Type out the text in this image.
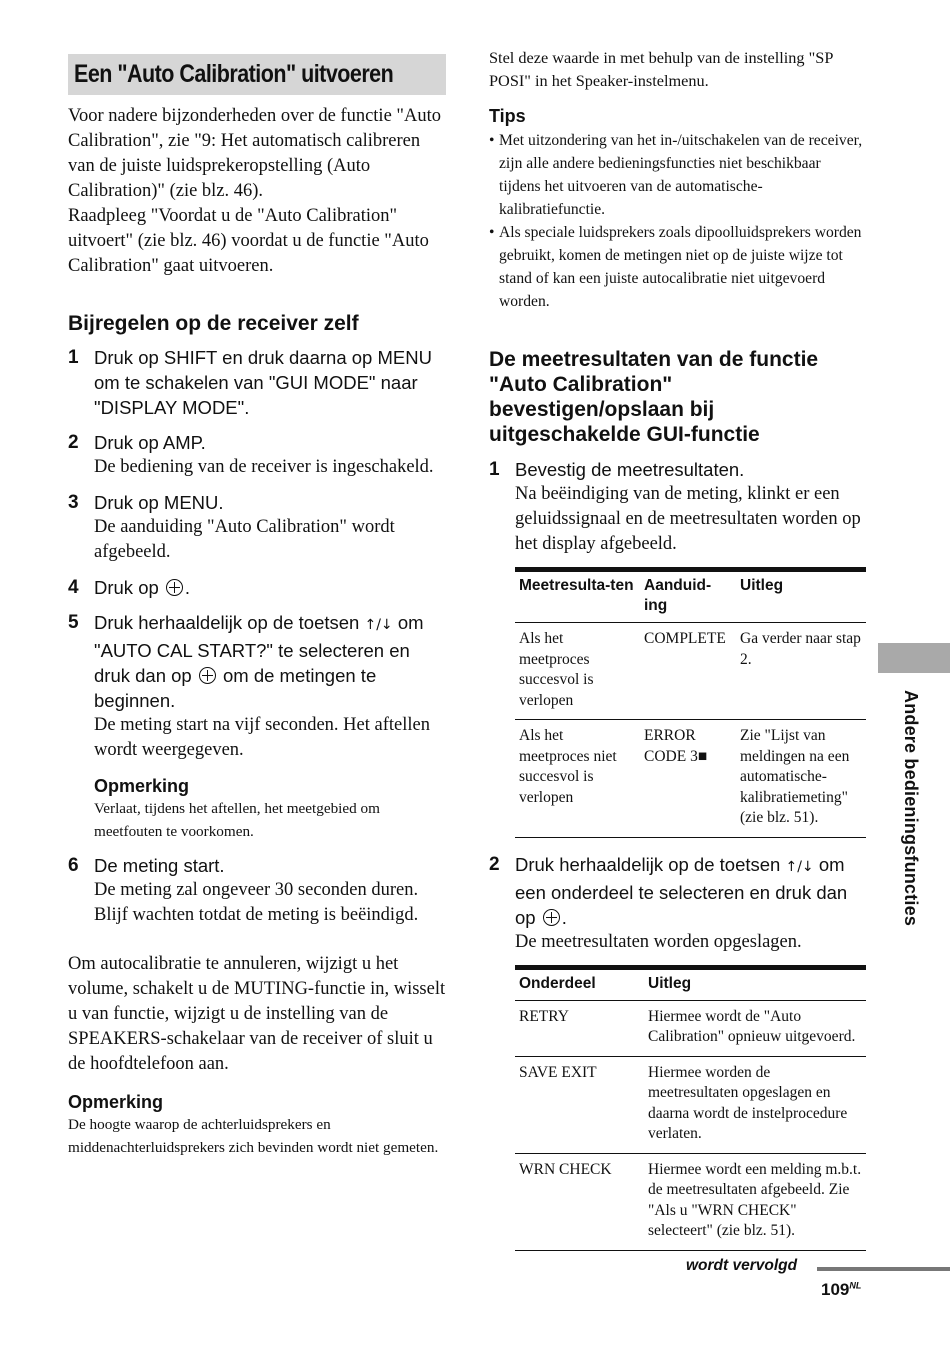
Een "Auto Calibration" uitvoeren

Voor nadere bijzonderheden over de functie "Auto Calibration", zie "9: Het automatisch calibreren van de juiste luidsprekeropstelling (Auto Calibration)" (zie blz. 46).

Raadpleeg "Voordat u de "Auto Calibration" uitvoert" (zie blz. 46) voordat u de functie "Auto Calibration" gaat uitvoeren.

Bijregelen op de receiver zelf
1 Druk op SHIFT en druk daarna op MENU om te schakelen van "GUI MODE" naar "DISPLAY MODE".
2 Druk op AMP.
De bediening van de receiver is ingeschakeld.
3 Druk op MENU.
De aanduiding "Auto Calibration" wordt afgebeeld.
4 Druk op .
5 Druk herhaaldelijk op de toetsen ↑/↓ om "AUTO CAL START?" te selecteren en druk dan op om de metingen te beginnen.
De meting start na vijf seconden. Het aftellen wordt weergegeven.
Opmerking
Verlaat, tijdens het aftellen, het meetgebied om meetfouten te voorkomen.
6 De meting start.
De meting zal ongeveer 30 seconden duren. Blijf wachten totdat de meting is beëindigd.

Om autocalibratie te annuleren, wijzigt u het volume, schakelt u de MUTING-functie in, wisselt u van functie, wijzigt u de instelling van de SPEAKERS-schakelaar van de receiver of sluit u de hoofdtelefoon aan.

Opmerking
De hoogte waarop de achterluidsprekers en middenachterluidsprekers zich bevinden wordt niet gemeten.

Stel deze waarde in met behulp van de instelling "SP POSI" in het Speaker-instelmenu.

Tips
• Met uitzondering van het in-/uitschakelen van de receiver, zijn alle andere bedieningsfuncties niet beschikbaar tijdens het uitvoeren van de automatische-kalibratiefunctie.
• Als speciale luidsprekers zoals dipoolluidsprekers worden gebruikt, komen de metingen niet op de juiste wijze tot stand of kan een juiste autocalibratie niet uitgevoerd worden.
De meetresultaten van de functie "Auto Calibration" bevestigen/opslaan bij uitgeschakelde GUI-functie
1 Bevestig de meetresultaten.
Na beëindiging van de meting, klinkt er een geluidssignaal en de meetresultaten worden op het display afgebeeld.
Meetresulta-ten	Aanduid-ing	Uitleg
Als het meetproces succesvol is verlopen	COMPLETE	Ga verder naar stap 2.
Als het meetproces niet succesvol is verlopen	ERROR CODE 3■	Zie "Lijst van meldingen na een automatische-kalibratiemeting" (zie blz. 51).
2 Druk herhaaldelijk op de toetsen ↑/↓ om een onderdeel te selecteren en druk dan op .
De meetresultaten worden opgeslagen.
Onderdeel	Uitleg
RETRY	Hiermee wordt de "Auto Calibration" opnieuw uitgevoerd.
SAVE EXIT	Hiermee worden de meetresultaten opgeslagen en daarna wordt de instelprocedure verlaten.
WRN CHECK	Hiermee wordt een melding m.b.t. de meetresultaten afgebeeld. Zie "Als u "WRN CHECK" selecteert" (zie blz. 51).
Andere bedieningsfuncties
wordt vervolgd
$109^{NL}$
